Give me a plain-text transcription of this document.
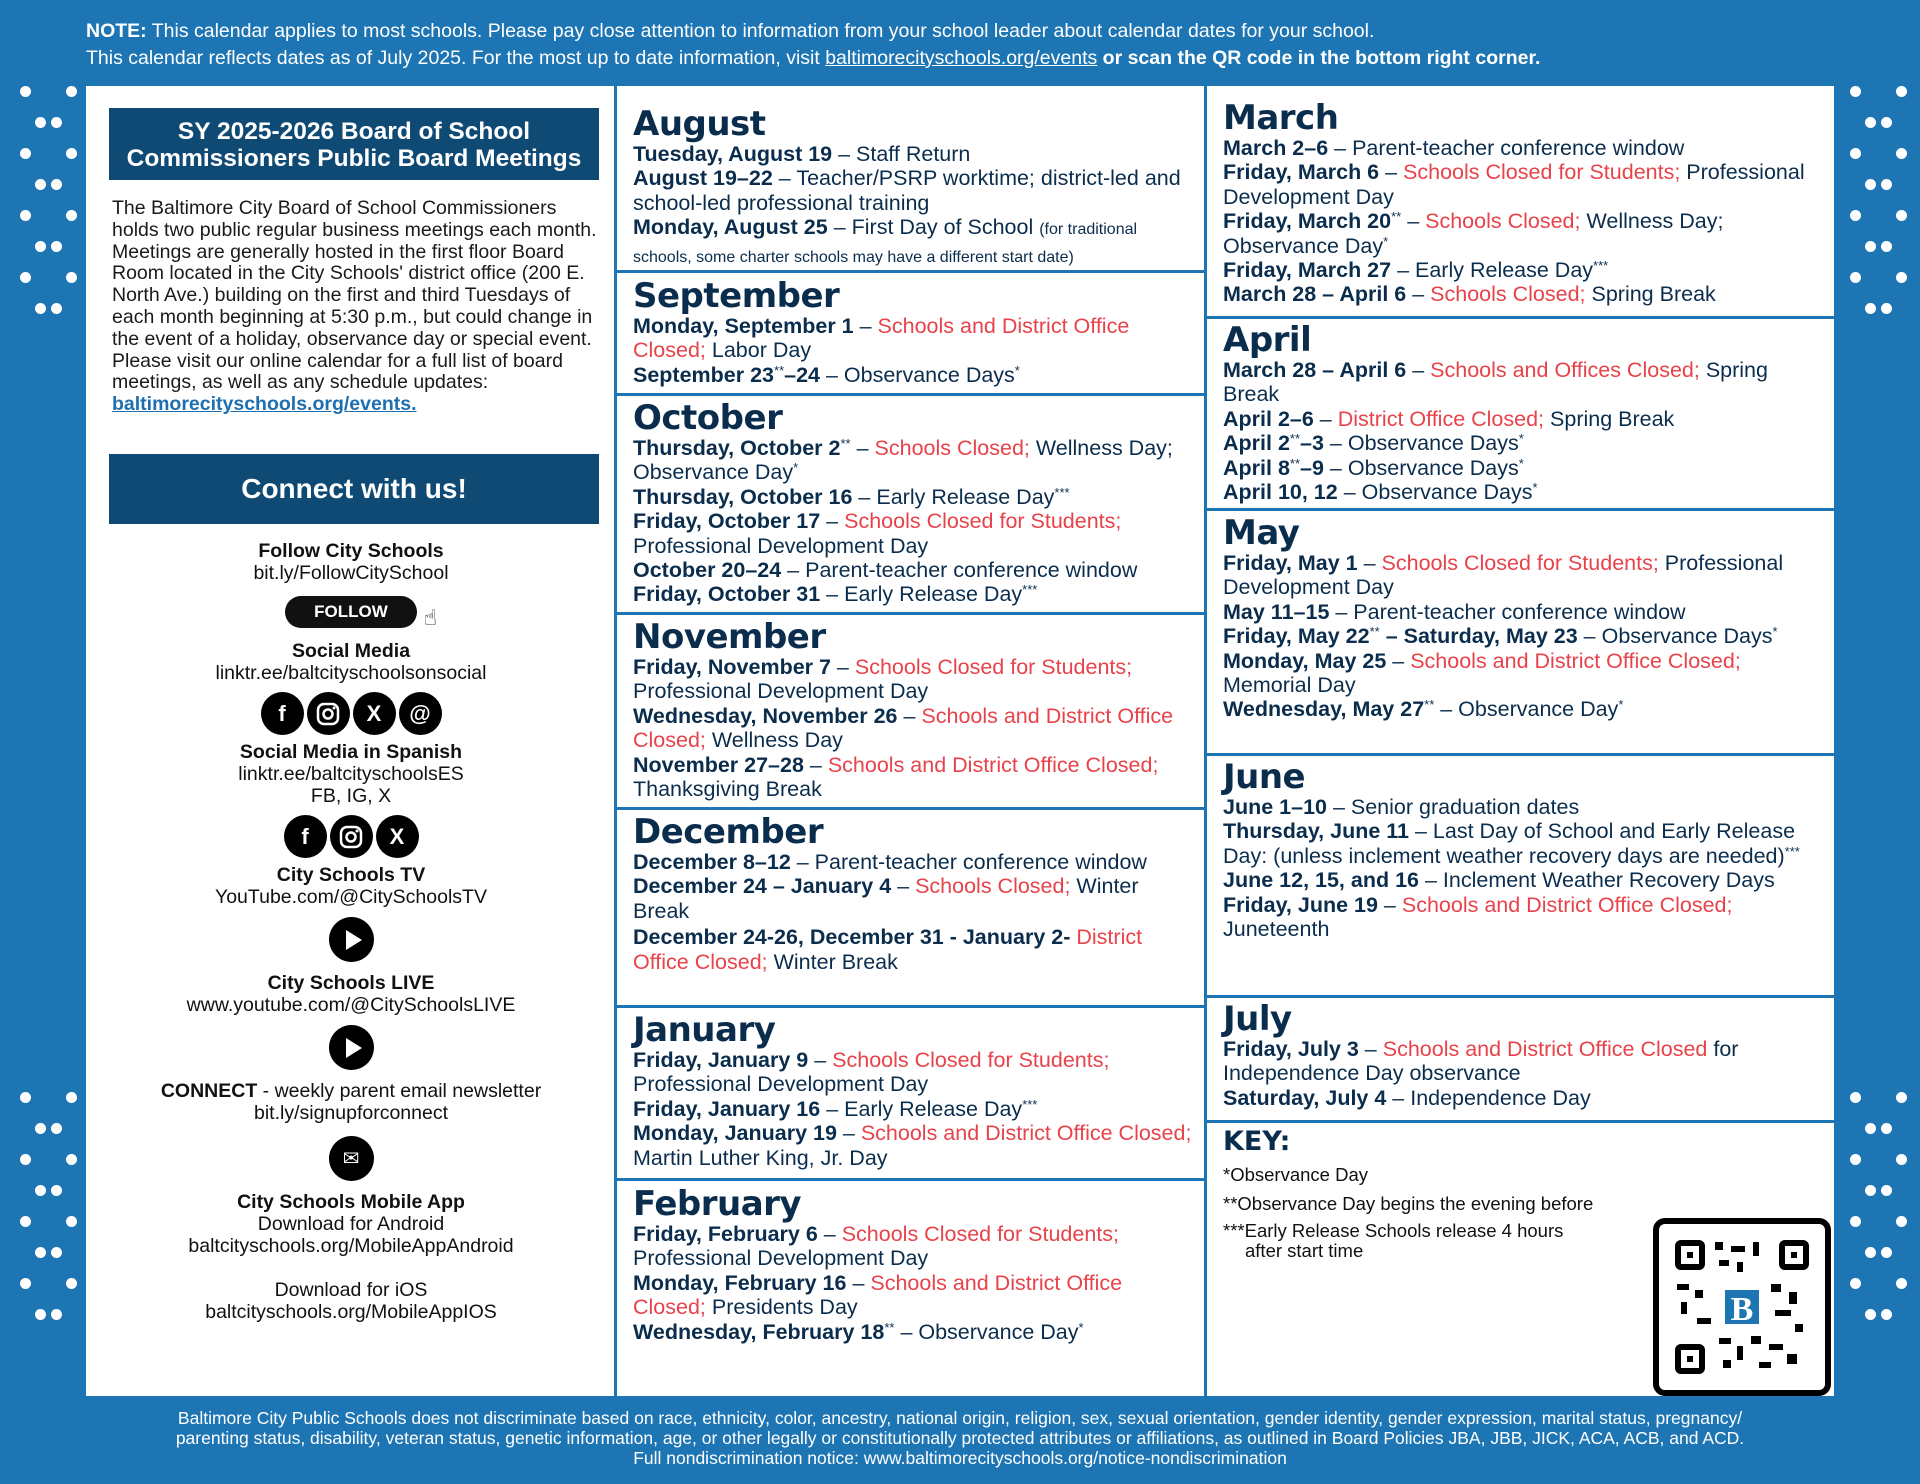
NOTE: This calendar applies to most schools. Please pay close attention to information from your school leader about calendar dates for your school.
This calendar reflects dates as of July 2025. For the most up to date information, visit baltimorecityschools.org/events or scan the QR code in the bottom right corner.
SY 2025-2026 Board of School
Commissioners Public Board Meetings
The Baltimore City Board of School Commissioners holds two public regular business meetings each month. Meetings are generally hosted in the first floor Board Room located in the City Schools' district office (200 E. North Ave.) building on the first and third Tuesdays of each month beginning at 5:30 p.m., but could change in the event of a holiday, observance day or special event. Please visit our online calendar for a full list of board meetings, as well as any schedule updates:
baltimorecityschools.org/events.
Connect with us!
Follow City Schools
bit.ly/FollowCitySchool
FOLLOW ☝
Social Media
linktr.ee/baltcityschoolsonsocial
f	X	@
Social Media in Spanish
linktr.ee/baltcityschoolsES
FB, IG, X
f	X
City Schools TV
YouTube.com/@CitySchoolsTV
City Schools LIVE
www.youtube.com/@CitySchoolsLIVE
CONNECT - weekly parent email newsletter
bit.ly/signupforconnect
✉
City Schools Mobile App
Download for Android
baltcityschools.org/MobileAppAndroid
Download for iOS
baltcityschools.org/MobileAppIOS
August
Tuesday, August 19 – Staff Return
August 19–22 – Teacher/PSRP worktime; district-led and school-led professional training
Monday, August 25 – First Day of School (for traditional schools, some charter schools may have a different start date)
September
Monday, September 1 – Schools and District Office Closed; Labor Day
September 23**–24 – Observance Days*
October
Thursday, October 2** – Schools Closed; Wellness Day; Observance Day*
Thursday, October 16 – Early Release Day***
Friday, October 17 – Schools Closed for Students; Professional Development Day
October 20–24 – Parent-teacher conference window
Friday, October 31 – Early Release Day***
November
Friday, November 7 – Schools Closed for Students; Professional Development Day
Wednesday, November 26 – Schools and District Office Closed; Wellness Day
November 27–28 – Schools and District Office Closed; Thanksgiving Break
December
December 8–12 – Parent-teacher conference window
December 24 – January 4 – Schools Closed; Winter Break
December 24-26, December 31 - January 2- District Office Closed; Winter Break
January
Friday, January 9 – Schools Closed for Students; Professional Development Day
Friday, January 16 – Early Release Day***
Monday, January 19 – Schools and District Office Closed; Martin Luther King, Jr. Day
February
Friday, February 6 – Schools Closed for Students; Professional Development Day
Monday, February 16 – Schools and District Office Closed; Presidents Day
Wednesday, February 18** – Observance Day*
March
March 2–6 – Parent-teacher conference window
Friday, March 6 – Schools Closed for Students; Professional Development Day
Friday, March 20** – Schools Closed; Wellness Day; Observance Day*
Friday, March 27 – Early Release Day***
March 28 – April 6 – Schools Closed; Spring Break
April
March 28 – April 6 – Schools and Offices Closed; Spring Break
April 2–6 – District Office Closed; Spring Break
April 2**–3 – Observance Days*
April 8**–9 – Observance Days*
April 10, 12 – Observance Days*
May
Friday, May 1 – Schools Closed for Students; Professional Development Day
May 11–15 – Parent-teacher conference window
Friday, May 22** – Saturday, May 23 – Observance Days*
Monday, May 25 – Schools and District Office Closed; Memorial Day
Wednesday, May 27** – Observance Day*
June
June 1–10 – Senior graduation dates
Thursday, June 11 – Last Day of School and Early Release Day: (unless inclement weather recovery days are needed)***
June 12, 15, and 16 – Inclement Weather Recovery Days
Friday, June 19 – Schools and District Office Closed; Juneteenth
July
Friday, July 3 – Schools and District Office Closed for Independence Day observance
Saturday, July 4 – Independence Day
KEY:
*Observance Day
**Observance Day begins the evening before
***Early Release Schools release 4 hours
after start time
B
Baltimore City Public Schools does not discriminate based on race, ethnicity, color, ancestry, national origin, religion, sex, sexual orientation, gender identity, gender expression, marital status, pregnancy/
parenting status, disability, veteran status, genetic information, age, or other legally or constitutionally protected attributes or affiliations, as outlined in Board Policies JBA, JBB, JICK, ACA, ACB, and ACD.
Full nondiscrimination notice: www.baltimorecityschools.org/notice-nondiscrimination
